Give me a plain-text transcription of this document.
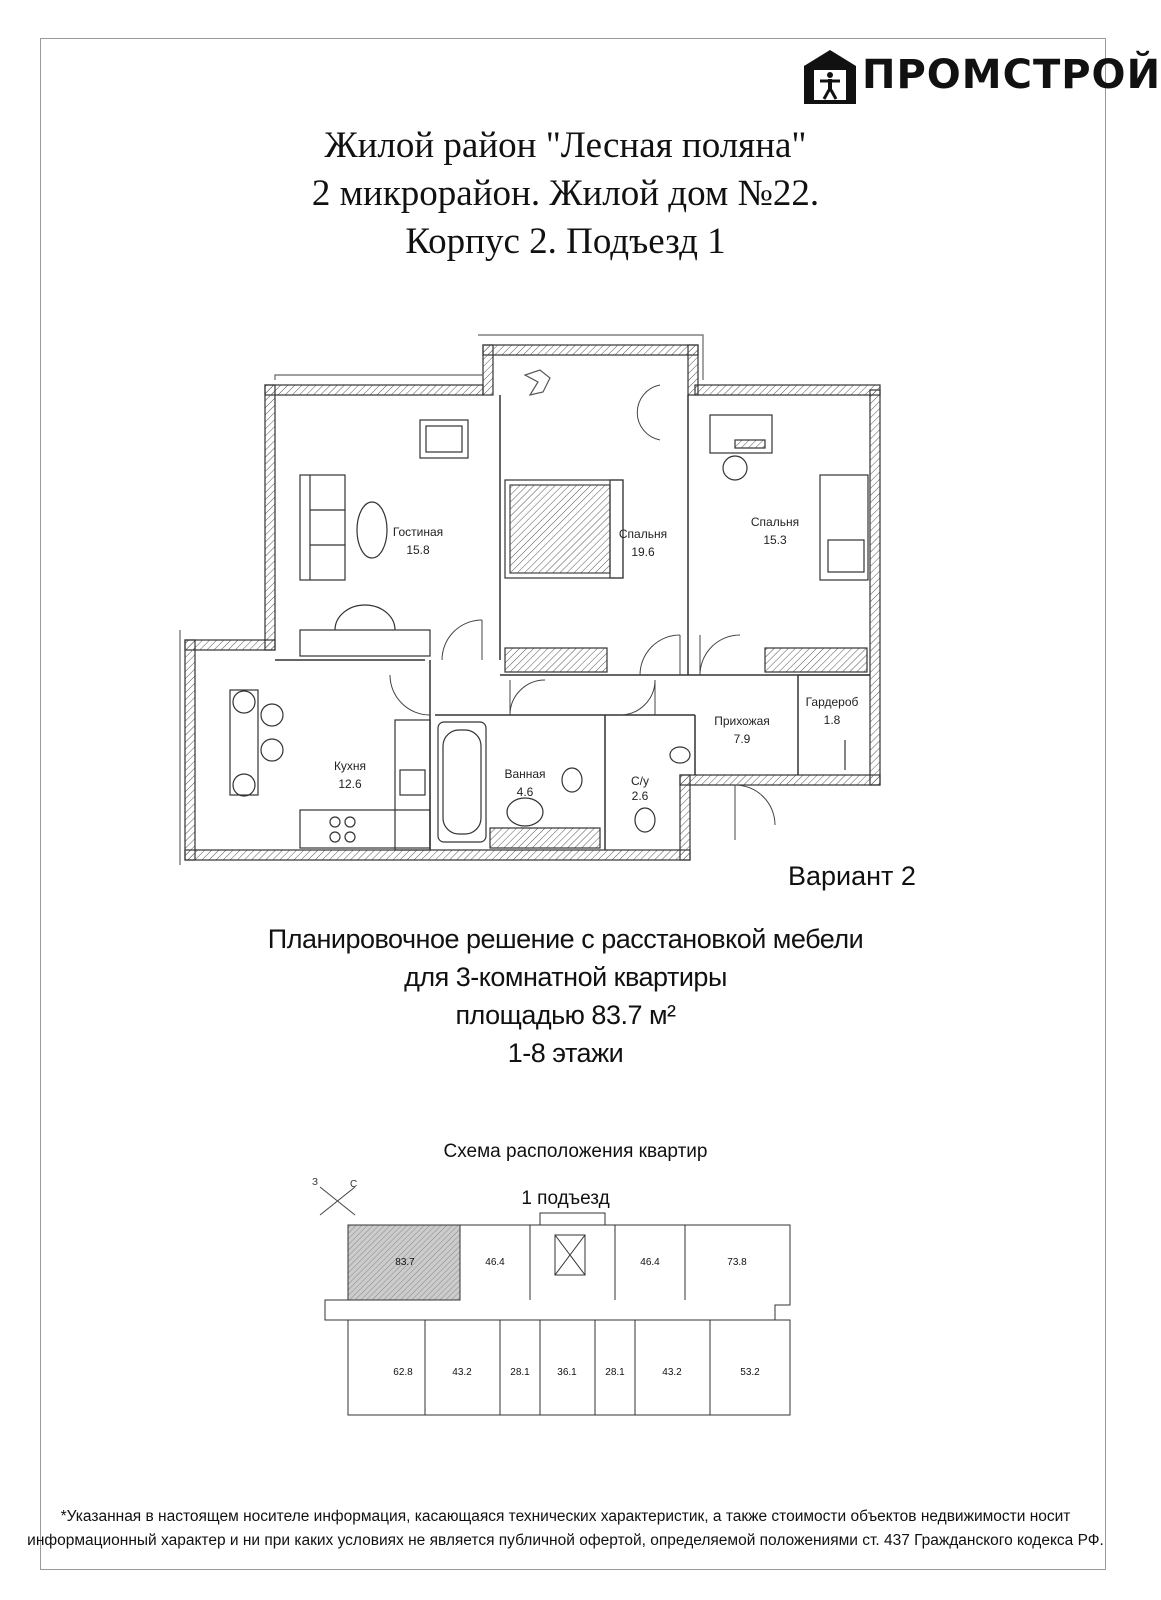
ПРОМСТРОЙ
Жилой район "Лесная поляна"
2 микрорайон. Жилой дом №22.
Корпус 2. Подъезд 1
Гостиная
15.8
Спальня
19.6
Спальня
15.3
Кухня
12.6
Ванная
4.6
С/у
2.6
Прихожая
7.9
Гардероб
1.8
Вариант 2
Планировочное решение с расстановкой мебели
для 3-комнатной квартиры
площадью 83.7 м²
1-8 этажи
Схема расположения квартир
1 подъезд
З	С
83.7	46.4	46.4	73.8
62.8	43.2	28.1	36.1	28.1	43.2	53.2
*Указанная в настоящем носителе информация, касающаяся технических характеристик, а также стоимости объектов недвижимости носит
информационный характер и ни при каких условиях не является публичной офертой, определяемой положениями ст. 437 Гражданского кодекса РФ.
